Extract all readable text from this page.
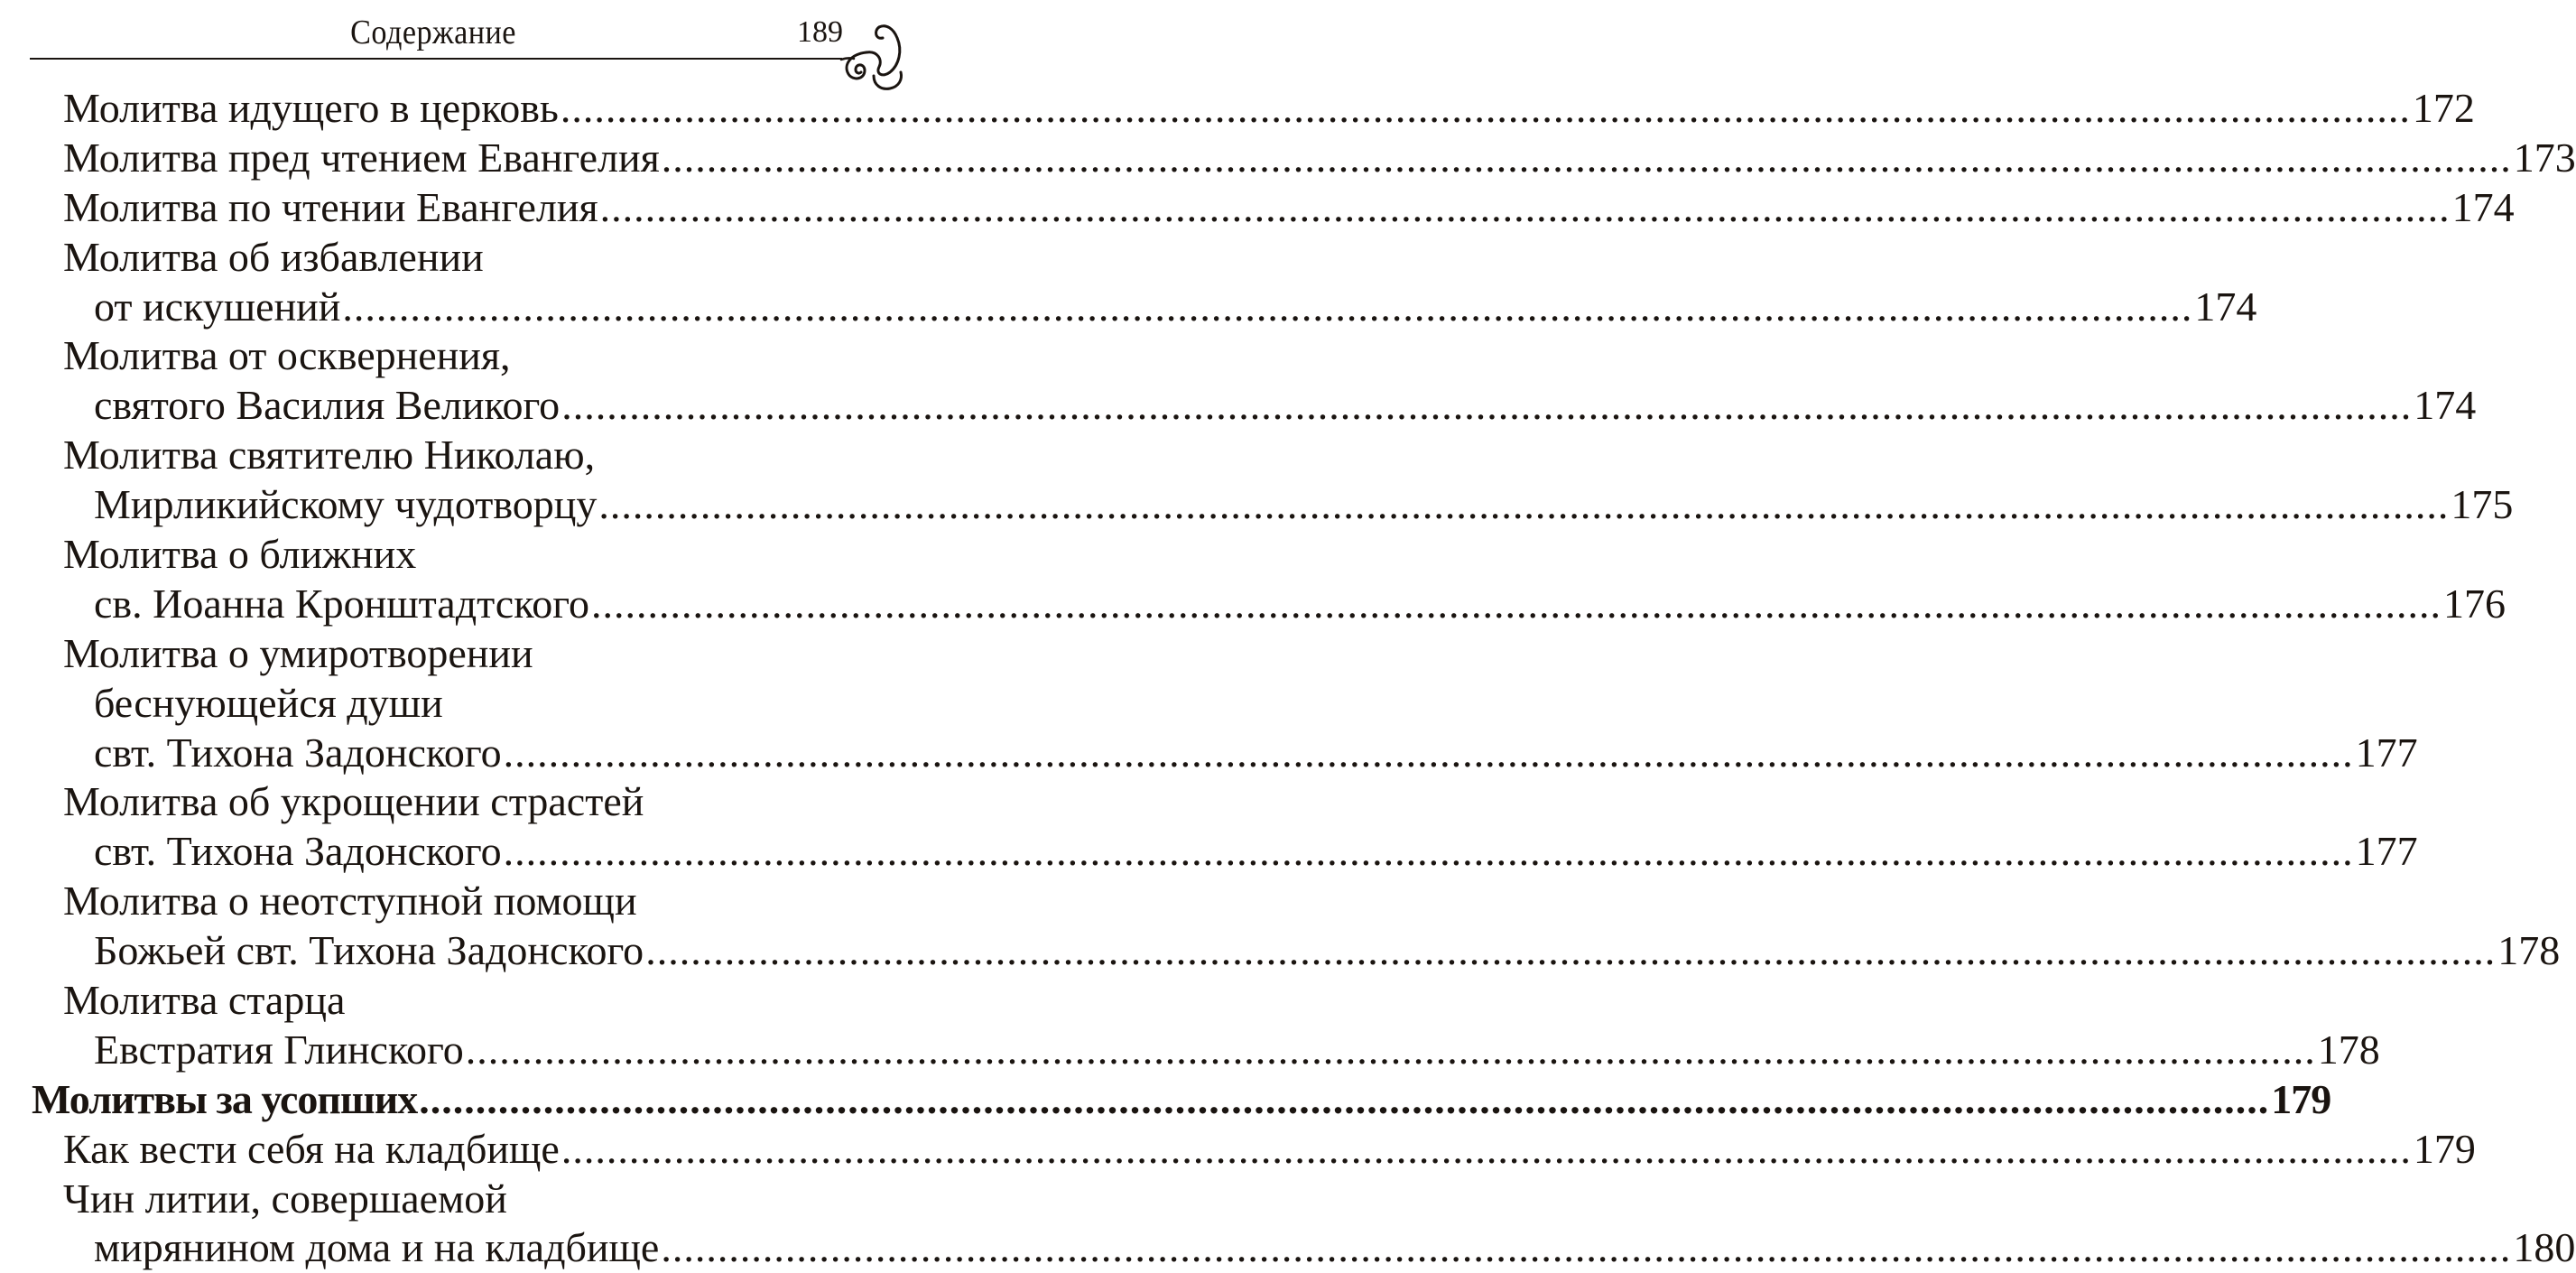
Содержание	189
Молитва идущего в церковь .....	172
Молитва пред чтением Евангелия .....	173
Молитва по чтении Евангелия .....	174
Молитва об избавлении
от искушений .....	174
Молитва от осквернения,
святого Василия Великого .....	174
Молитва святителю Николаю,
Мирликийскому чудотворцу .....	175
Молитва о ближних
св. Иоанна Кронштадтского .....	176
Молитва о умиротворении
беснующейся души
свт. Тихона Задонского .....	177
Молитва об укрощении страстей
свт. Тихона Задонского .....	177
Молитва о неотступной помощи
Божьей свт. Тихона Задонского .....	178
Молитва старца
Евстратия Глинского .....	178
Молитвы за усопших .....	179
Как вести себя на кладбище .....	179
Чин литии, совершаемой
мирянином дома и на кладбище .....	180
